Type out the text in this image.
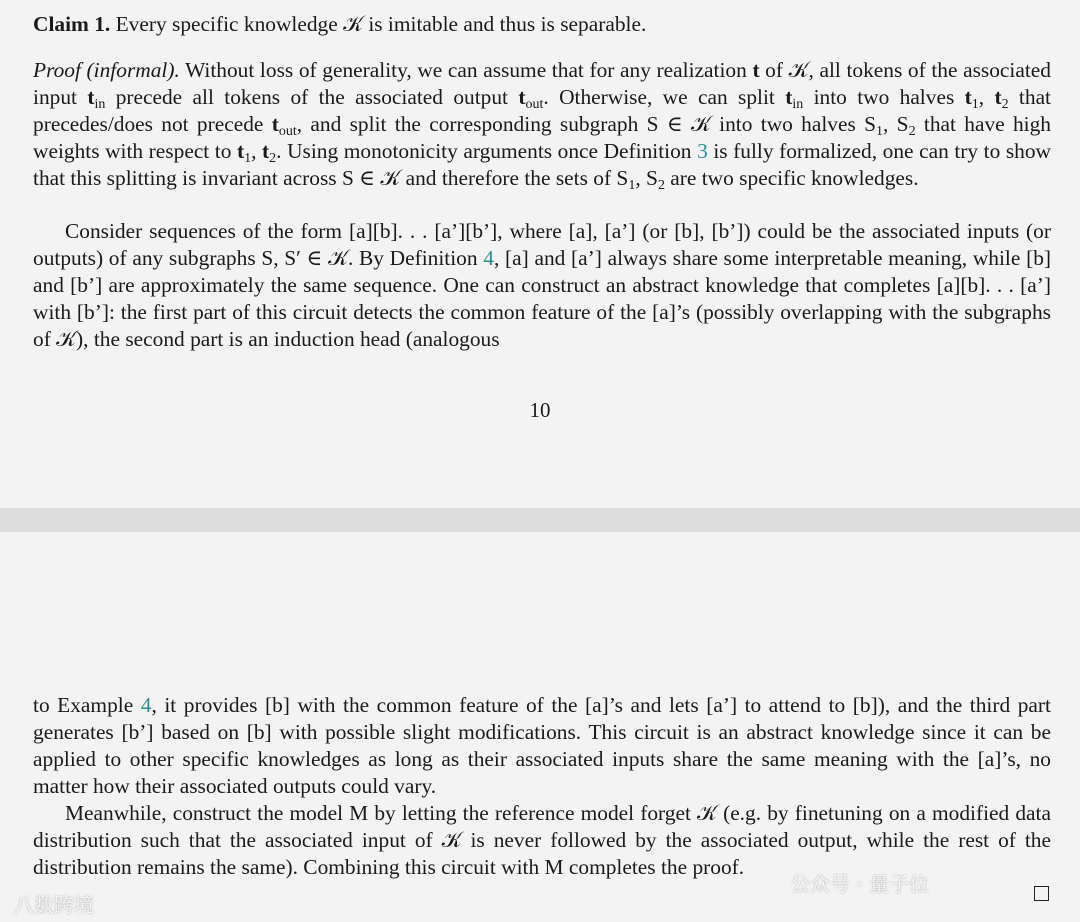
Claim 1. Every specific knowledge 𝒦 is imitable and thus is separable.

Proof (informal). Without loss of generality, we can assume that for any realization t of 𝒦, all tokens of the associated input $t_{in}$ precede all tokens of the associated output $t_{out}$. Otherwise, we can split $t_{in}$ into two halves $t_1$, $t_2$ that precedes/does not precede $t_{out}$, and split the corresponding subgraph S ∈ 𝒦 into two halves $S_1$, $S_2$ that have high weights with respect to $t_1$, $t_2$. Using monotonicity arguments once Definition 3 is fully formalized, one can try to show that this splitting is invariant across S ∈ 𝒦 and therefore the sets of $S_1$, $S_2$ are two specific knowledges.

Consider sequences of the form [a][b]. . . [a’][b’], where [a], [a’] (or [b], [b’]) could be the associated inputs (or outputs) of any subgraphs S, S′ ∈ 𝒦. By Definition 4, [a] and [a’] always share some interpretable meaning, while [b] and [b’] are approximately the same sequence. One can construct an abstract knowledge that completes [a][b]. . . [a’] with [b’]: the first part of this circuit detects the common feature of the [a]’s (possibly overlapping with the subgraphs of 𝒦), the second part is an induction head (analogous

10

to Example 4, it provides [b] with the common feature of the [a]’s and lets [a’] to attend to [b]), and the third part generates [b’] based on [b] with possible slight modifications. This circuit is an abstract knowledge since it can be applied to other specific knowledges as long as their associated inputs share the same meaning with the [a]’s, no matter how their associated outputs could vary.

Meanwhile, construct the model M by letting the reference model forget 𝒦 (e.g. by finetuning on a modified data distribution such that the associated input of 𝒦 is never followed by the associated output, while the rest of the distribution remains the same). Combining this circuit with M completes the proof.

八数跨境
公众号 · 量子位
